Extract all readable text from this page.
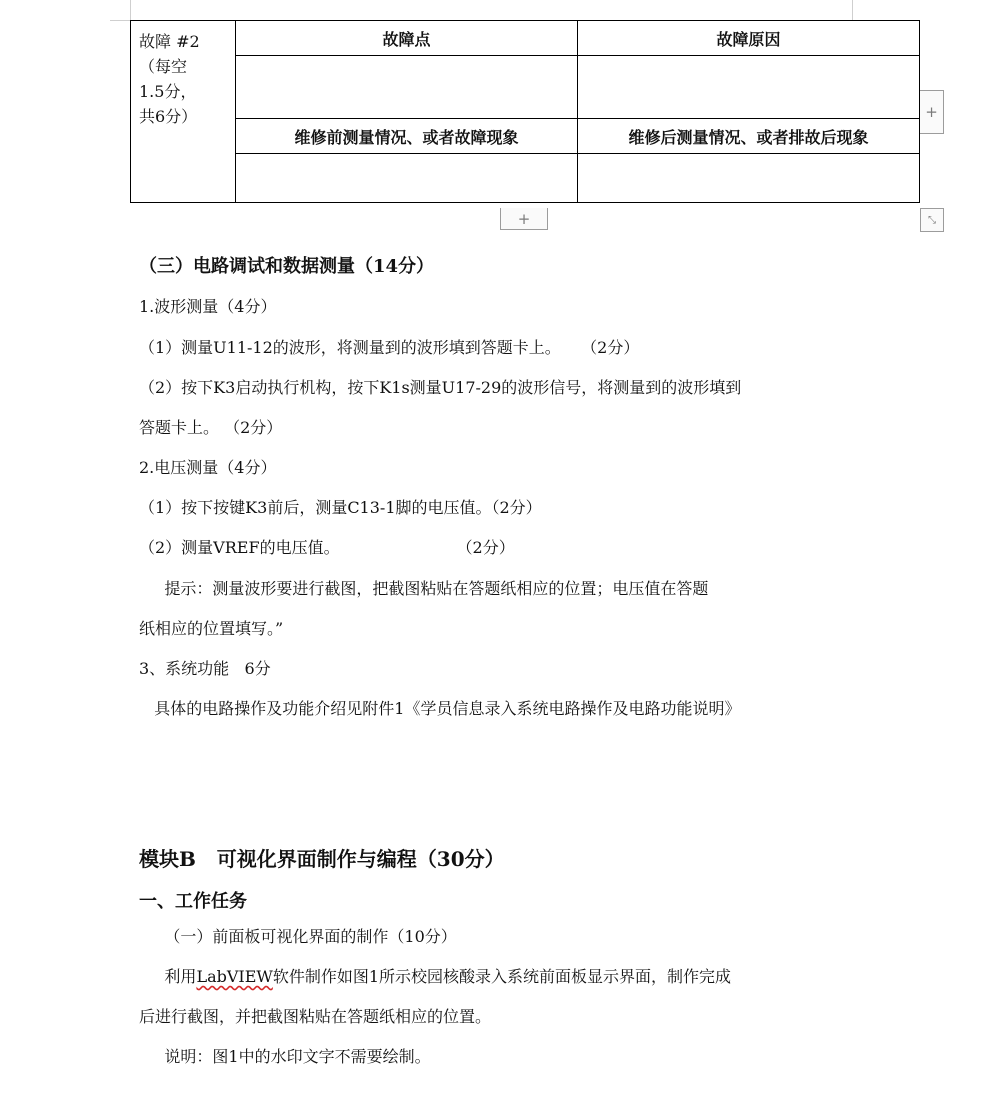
故障 #2
（每空
1.5分，
共6分）	故障点	故障原因

	维修前测量情况、或者故障现象	维修后测量情况、或者排故后现象

+
+	⤡
（三）电路调试和数据测量（14分）
1.波形测量（4分）
（1）测量U11-12的波形，将测量到的波形填到答题卡上。    （2分）
（2）按下K3启动执行机构，按下K1s测量U17-29的波形信号，将测量到的波形填到
答题卡上。 （2分）
2.电压测量（4分）
（1）按下按键K3前后，测量C13-1脚的电压值。（2分）
（2）测量VREF的电压值。                       （2分）
提示：测量波形要进行截图，把截图粘贴在答题纸相应的位置；电压值在答题
纸相应的位置填写。”
3、系统功能   6分
具体的电路操作及功能介绍见附件1《学员信息录入系统电路操作及电路功能说明》
模块B   可视化界面制作与编程（30分）
一、工作任务
（一）前面板可视化界面的制作（10分）
利用LabVIEW软件制作如图1所示校园核酸录入系统前面板显示界面，制作完成
后进行截图，并把截图粘贴在答题纸相应的位置。
说明：图1中的水印文字不需要绘制。
